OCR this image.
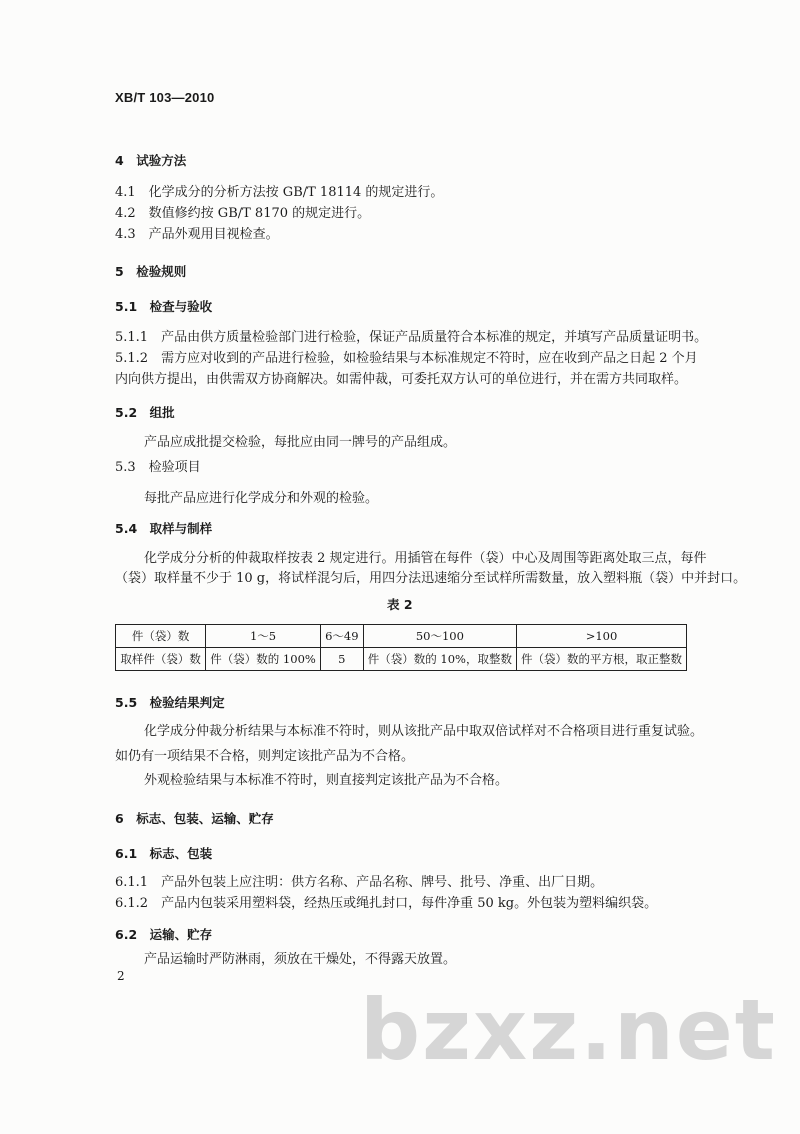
XB/T 103—2010
4　试验方法
4.1　化学成分的分析方法按 GB/T 18114 的规定进行。
4.2　数值修约按 GB/T 8170 的规定进行。
4.3　产品外观用目视检查。
5　检验规则
5.1　检查与验收
5.1.1　产品由供方质量检验部门进行检验，保证产品质量符合本标准的规定，并填写产品质量证明书。
5.1.2　需方应对收到的产品进行检验，如检验结果与本标准规定不符时，应在收到产品之日起 2 个月
内向供方提出，由供需双方协商解决。如需仲裁，可委托双方认可的单位进行，并在需方共同取样。
5.2　组批
产品应成批提交检验，每批应由同一牌号的产品组成。
5.3　检验项目
每批产品应进行化学成分和外观的检验。
5.4　取样与制样
化学成分分析的仲裁取样按表 2 规定进行。用插管在每件（袋）中心及周围等距离处取三点，每件
（袋）取样量不少于 10 g，将试样混匀后，用四分法迅速缩分至试样所需数量，放入塑料瓶（袋）中并封口。
表 2
件（袋）数	1～5	6～49	50～100	>100
取样件（袋）数	件（袋）数的 100%	5	件（袋）数的 10%，取整数	件（袋）数的平方根，取正整数
5.5　检验结果判定
化学成分仲裁分析结果与本标准不符时，则从该批产品中取双倍试样对不合格项目进行重复试验。
如仍有一项结果不合格，则判定该批产品为不合格。
外观检验结果与本标准不符时，则直接判定该批产品为不合格。
6　标志、包装、运输、贮存
6.1　标志、包装
6.1.1　产品外包装上应注明：供方名称、产品名称、牌号、批号、净重、出厂日期。
6.1.2　产品内包装采用塑料袋，经热压或绳扎封口，每件净重 50 kg。外包装为塑料编织袋。
6.2　运输、贮存
产品运输时严防淋雨，须放在干燥处，不得露天放置。
2
bzxz.net
